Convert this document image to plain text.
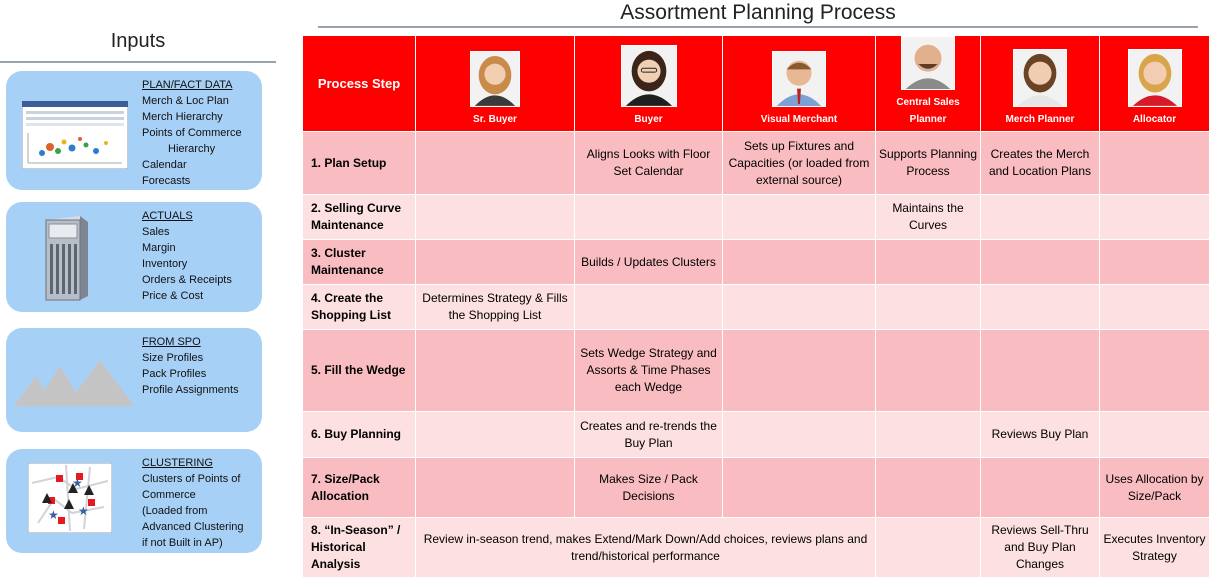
Inputs
PLAN/FACT DATA
Merch & Loc Plan
Merch Hierarchy
Points of Commerce
Hierarchy
Calendar
Forecasts
ACTUALS
Sales
Margin
Inventory
Orders & Receipts
Price & Cost
FROM SPO
Size Profiles
Pack Profiles
Profile Assignments
★
★ ★
CLUSTERING
Clusters of Points of
Commerce
(Loaded from
Advanced Clustering
if not Built in AP)
Assortment Planning Process
Process Step	Sr. Buyer	Buyer	Visual Merchant	Central Sales Planner	Merch Planner	Allocator
1. Plan Setup		Aligns Looks with Floor Set Calendar	Sets up Fixtures and Capacities (or loaded from external source)	Supports Planning Process	Creates the Merch and Location Plans	
2. Selling Curve Maintenance				Maintains the Curves		
3. Cluster Maintenance		Builds / Updates Clusters				
4. Create the Shopping List	Determines Strategy & Fills the Shopping List					
5. Fill the Wedge		Sets Wedge Strategy and Assorts & Time Phases each Wedge				
6. Buy Planning		Creates and re-trends the Buy Plan			Reviews Buy Plan	
7. Size/Pack Allocation		Makes Size / Pack Decisions				Uses Allocation by Size/Pack
8. “In-Season” / Historical Analysis	Review in-season trend, makes Extend/Mark Down/Add choices, reviews plans and trend/historical performance				Reviews Sell-Thru and Buy Plan Changes	Executes Inventory Strategy
